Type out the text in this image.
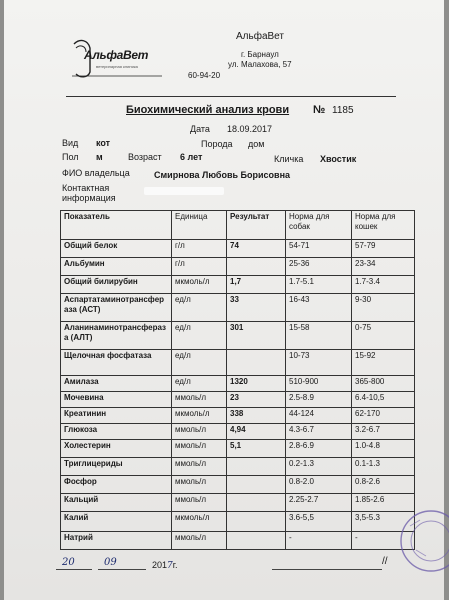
АльфаВет
ветеринарная клиника
АльфаВет
г. Барнаул
ул. Малахова, 57
60-94-20
Биохимический анализ крови № 1185
Дата 18.09.2017
Вид кот	Порода дом
Пол м	Возраст 6 лет	Кличка Хвостик
ФИО владельца	Смирнова Любовь Борисовна
Контактная
информация
Показатель	Единица	Результат	Норма для собак	Норма для кошек
Общий белок	г/л	74	54-71	57-79
Альбумин	г/л		25-36	23-34
Общий билирубин	мкмоль/л	1,7	1.7-5.1	1.7-3.4
Аспартатаминотрансфераза (АСТ)	ед/л	33	16-43	9-30
Аланинаминотрансфераза (АЛТ)	ед/л	301	15-58	0-75
Щелочная фосфатаза	ед/л		10-73	15-92
Амилаза	ед/л	1320	510-900	365-800
Мочевина	ммоль/л	23	2.5-8.9	6.4-10,5
Креатинин	мкмоль/л	338	44-124	62-170
Глюкоза	ммоль/л	4,94	4.3-6.7	3.2-6.7
Холестерин	ммоль/л	5,1	2.8-6.9	1.0-4.8
Триглицериды	ммоль/л		0.2-1.3	0.1-1.3
Фосфор	ммоль/л		0.8-2.0	0.8-2.6
Кальций	ммоль/л		2.25-2.7	1.85-2.6
Калий	мкмоль/л		3.6-5,5	3,5-5.3
Натрий	ммоль/л		-	-
20	09	2017г.	//
